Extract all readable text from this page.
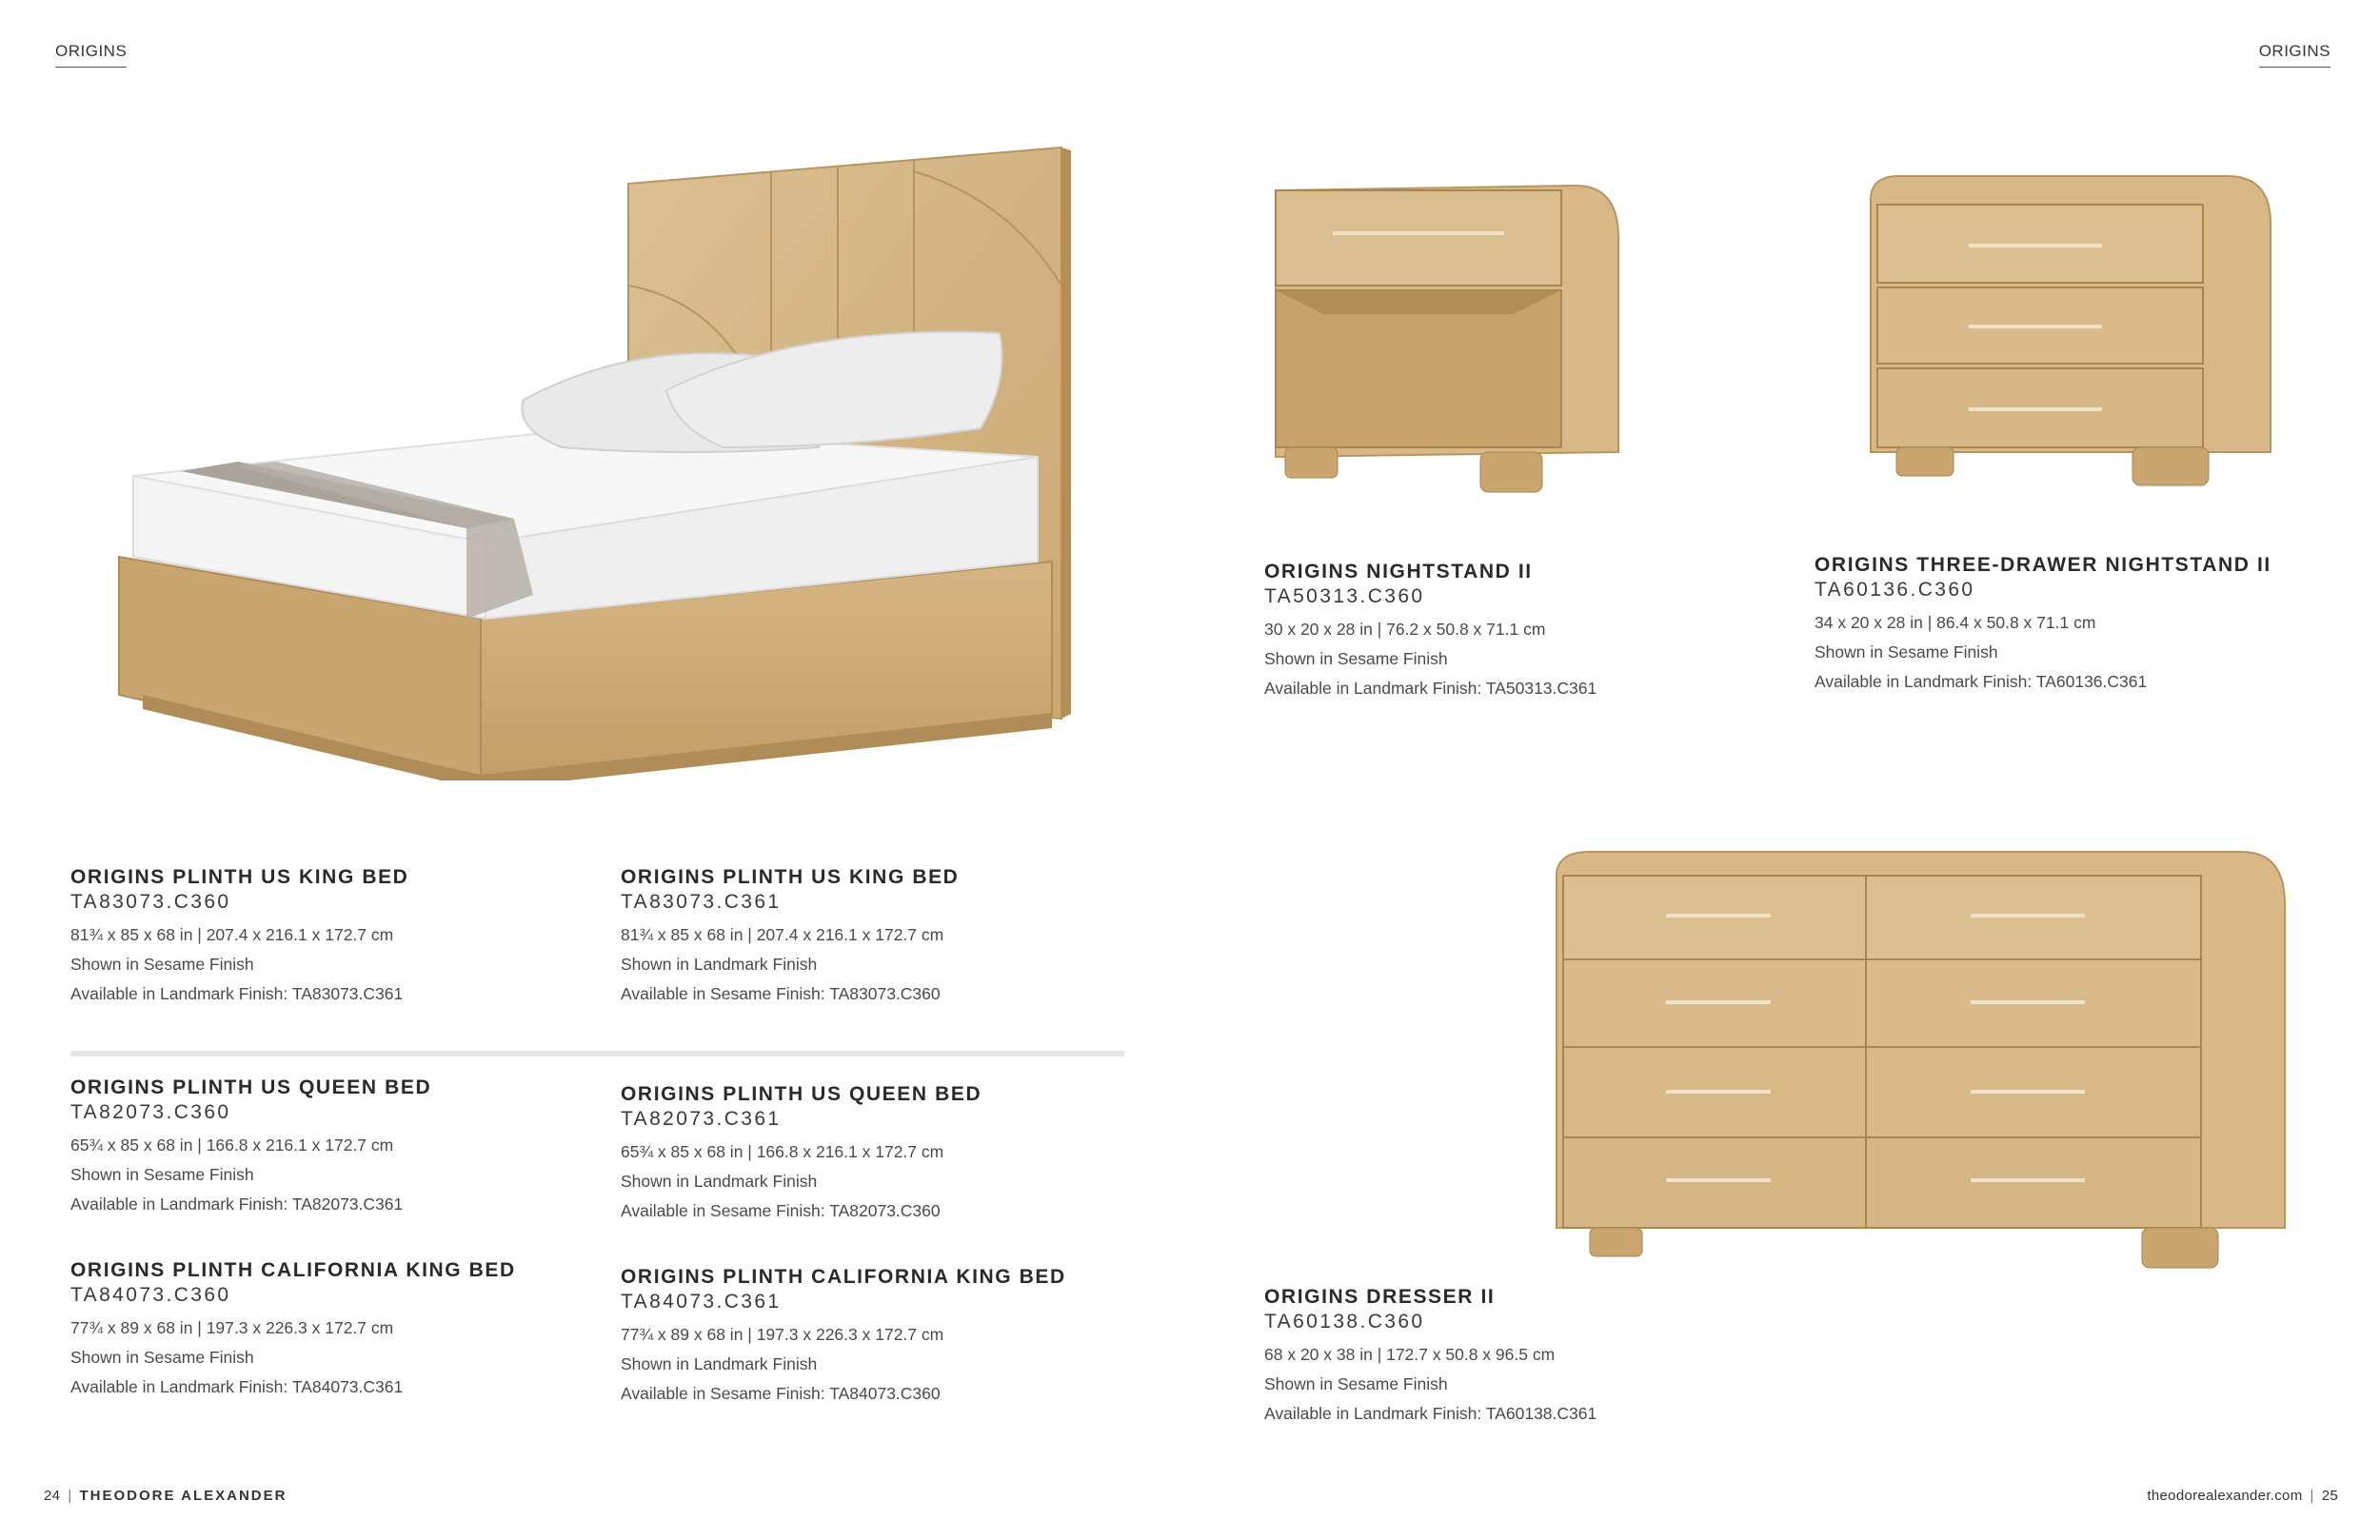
ORIGINS	ORIGINS
ORIGINS NIGHTSTAND II
TA50313.C360
30 x 20 x 28 in | 76.2 x 50.8 x 71.1 cm
Shown in Sesame Finish
Available in Landmark Finish: TA50313.C361
ORIGINS THREE-DRAWER NIGHTSTAND II
TA60136.C360
34 x 20 x 28 in | 86.4 x 50.8 x 71.1 cm
Shown in Sesame Finish
Available in Landmark Finish: TA60136.C361
ORIGINS PLINTH US KING BED
TA83073.C360
81¾ x 85 x 68 in | 207.4 x 216.1 x 172.7 cm
Shown in Sesame Finish
Available in Landmark Finish: TA83073.C361
ORIGINS PLINTH US KING BED
TA83073.C361
81¾ x 85 x 68 in | 207.4 x 216.1 x 172.7 cm
Shown in Landmark Finish
Available in Sesame Finish: TA83073.C360
ORIGINS PLINTH US QUEEN BED
TA82073.C360
65¾ x 85 x 68 in | 166.8 x 216.1 x 172.7 cm
Shown in Sesame Finish
Available in Landmark Finish: TA82073.C361
ORIGINS PLINTH US QUEEN BED
TA82073.C361
65¾ x 85 x 68 in | 166.8 x 216.1 x 172.7 cm
Shown in Landmark Finish
Available in Sesame Finish: TA82073.C360
ORIGINS PLINTH CALIFORNIA KING BED
TA84073.C360
77¾ x 89 x 68 in | 197.3 x 226.3 x 172.7 cm
Shown in Sesame Finish
Available in Landmark Finish: TA84073.C361
ORIGINS PLINTH CALIFORNIA KING BED
TA84073.C361
77¾ x 89 x 68 in | 197.3 x 226.3 x 172.7 cm
Shown in Landmark Finish
Available in Sesame Finish: TA84073.C360
ORIGINS DRESSER II
TA60138.C360
68 x 20 x 38 in | 172.7 x 50.8 x 96.5 cm
Shown in Sesame Finish
Available in Landmark Finish: TA60138.C361
24 | THEODORE ALEXANDER	theodorealexander.com | 25
